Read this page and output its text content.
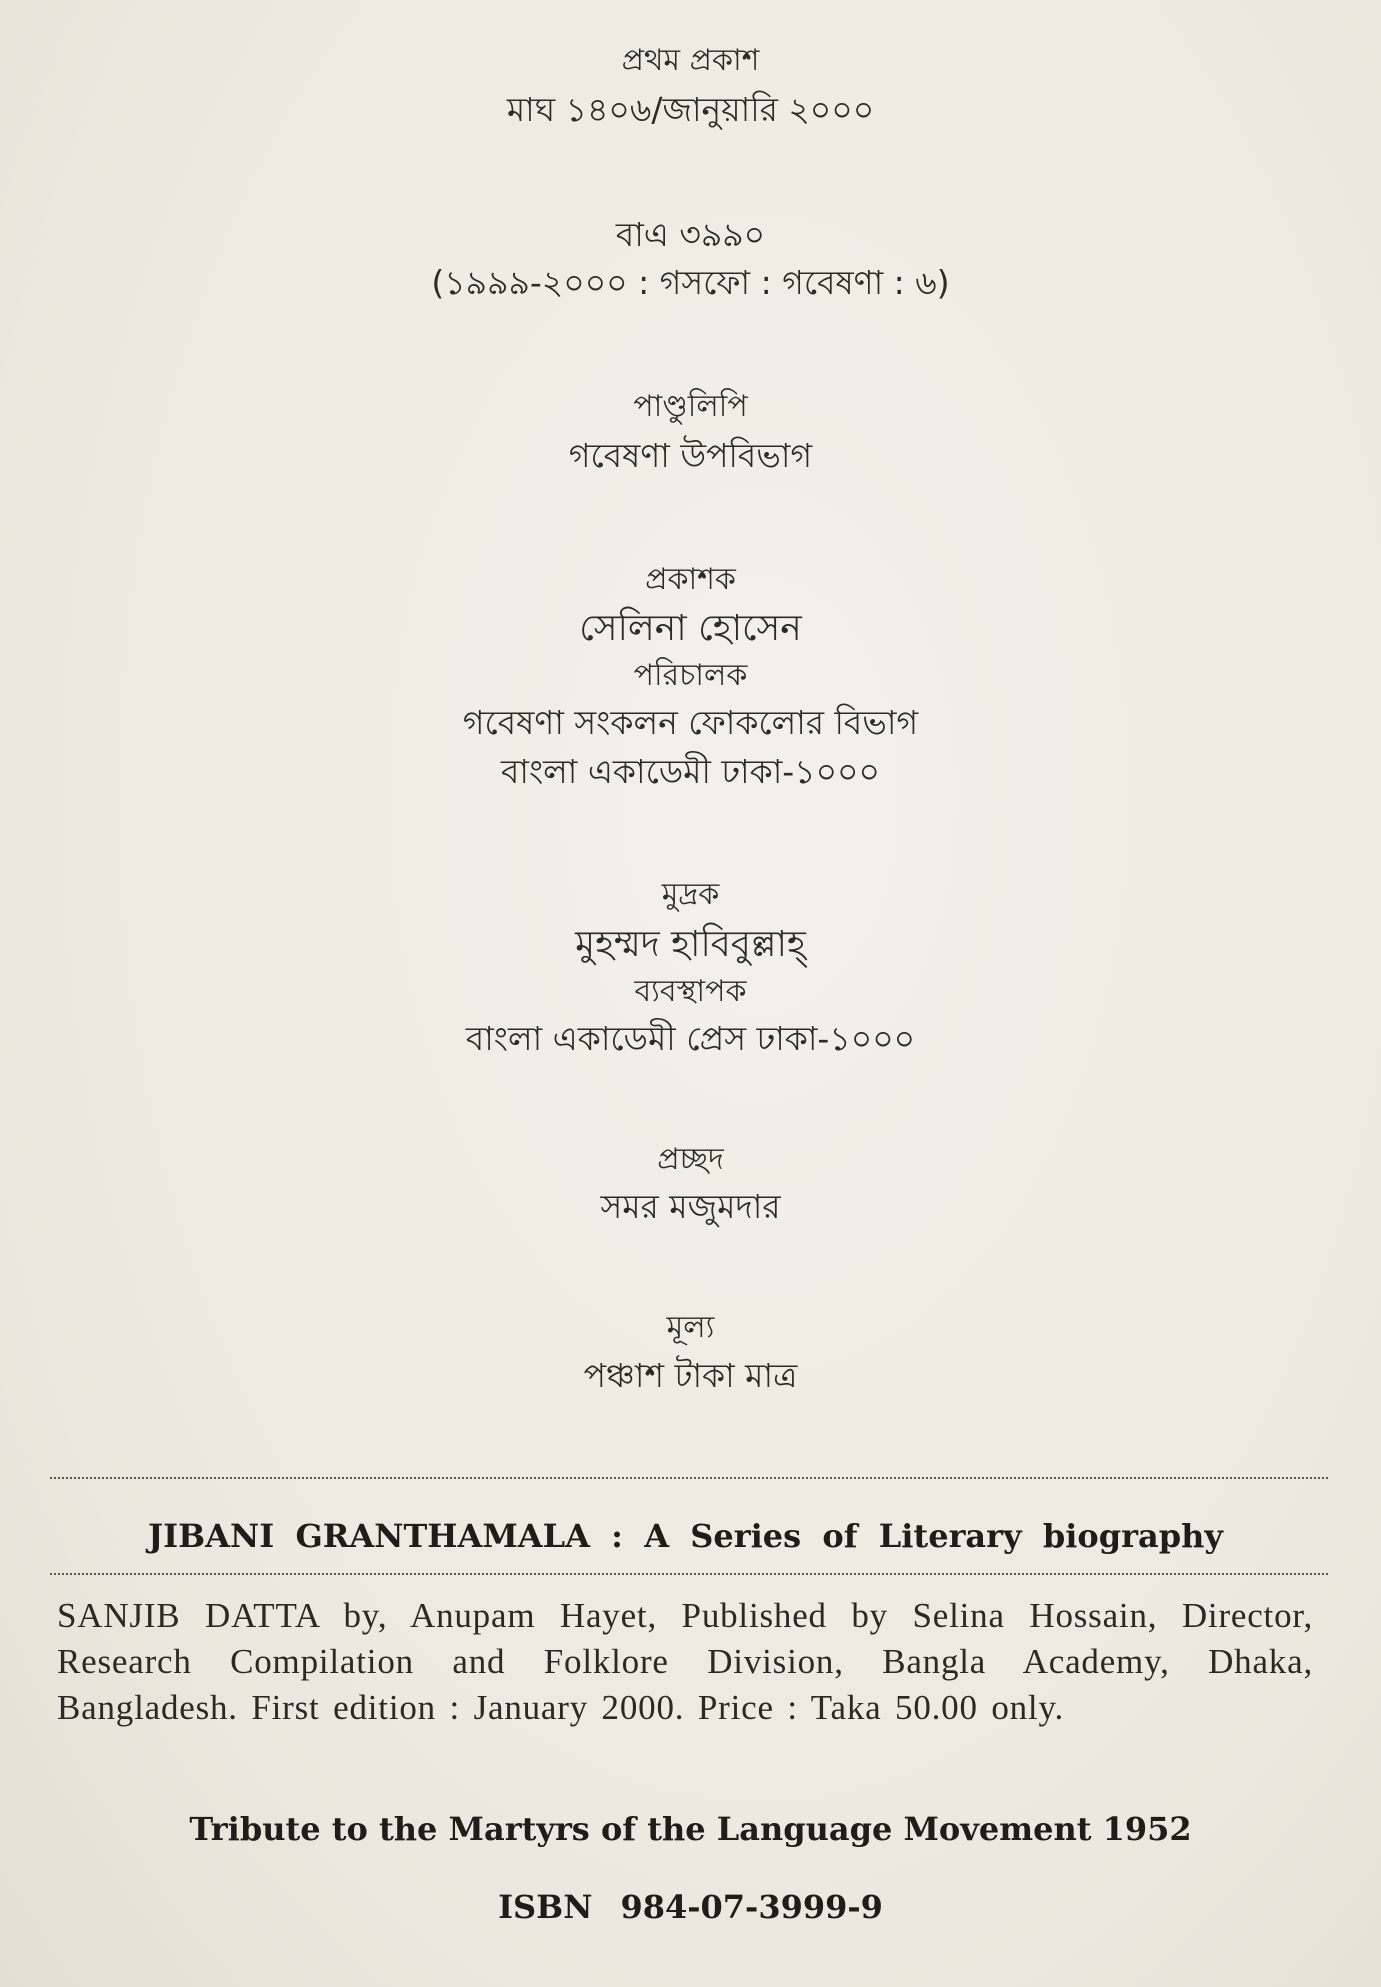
প্রথম প্রকাশ
মাঘ ১৪০৬/জানুয়ারি ২০০০
বাএ ৩৯৯০
(১৯৯৯-২০০০ : গসফো : গবেষণা : ৬)
পাণ্ডুলিপি
গবেষণা উপবিভাগ
প্রকাশক
সেলিনা হোসেন
পরিচালক
গবেষণা সংকলন ফোকলোর বিভাগ
বাংলা একাডেমী ঢাকা-১০০০
মুদ্রক
মুহম্মদ হাবিবুল্লাহ্
ব্যবস্থাপক
বাংলা একাডেমী প্রেস ঢাকা-১০০০
প্রচ্ছদ
সমর মজুমদার
মূল্য
পঞ্চাশ টাকা মাত্র
JIBANI GRANTHAMALA : A Series of Literary biography
SANJIB DATTA by, Anupam Hayet, Published by Selina Hossain, Director, Research Compilation and Folklore Division, Bangla Academy, Dhaka, Bangladesh. First edition : January 2000. Price : Taka 50.00 only.
Tribute to the Martyrs of the Language Movement 1952
ISBN 984-07-3999-9
